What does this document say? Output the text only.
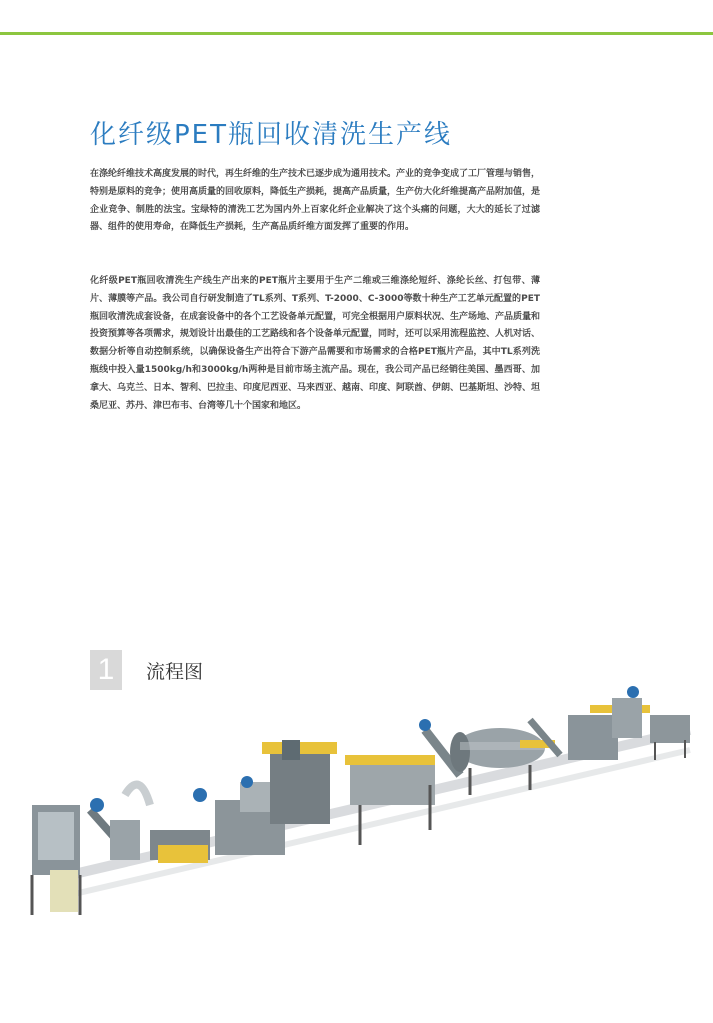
化纤级PET瓶回收清洗生产线

在涤纶纤维技术高度发展的时代，再生纤维的生产技术已逐步成为通用技术。产业的竞争变成了工厂管理与销售，特别是原料的竞争；使用高质量的回收原料，降低生产损耗，提高产品质量，生产仿大化纤维提高产品附加值，是企业竞争、制胜的法宝。宝绿特的清洗工艺为国内外上百家化纤企业解决了这个头痛的问题，大大的延长了过滤器、组件的使用寿命，在降低生产损耗，生产高品质纤维方面发挥了重要的作用。

化纤级PET瓶回收清洗生产线生产出来的PET瓶片主要用于生产二维或三维涤纶短纤、涤纶长丝、打包带、薄片、薄膜等产品。我公司自行研发制造了TL系列、T系列、T-2000、C-3000等数十种生产工艺单元配置的PET瓶回收清洗成套设备，在成套设备中的各个工艺设备单元配置，可完全根据用户原料状况、生产场地、产品质量和投资预算等各项需求，规划设计出最佳的工艺路线和各个设备单元配置，同时，还可以采用流程监控、人机对话、数据分析等自动控制系统，以确保设备生产出符合下游产品需要和市场需求的合格PET瓶片产品，其中TL系列洗瓶线中投入量1500kg/h和3000kg/h两种是目前市场主流产品。现在，我公司产品已经销往美国、墨西哥、加拿大、乌克兰、日本、智利、巴拉圭、印度尼西亚、马来西亚、越南、印度、阿联酋、伊朗、巴基斯坦、沙特、坦桑尼亚、苏丹、津巴布韦、台湾等几十个国家和地区。

1	流程图
